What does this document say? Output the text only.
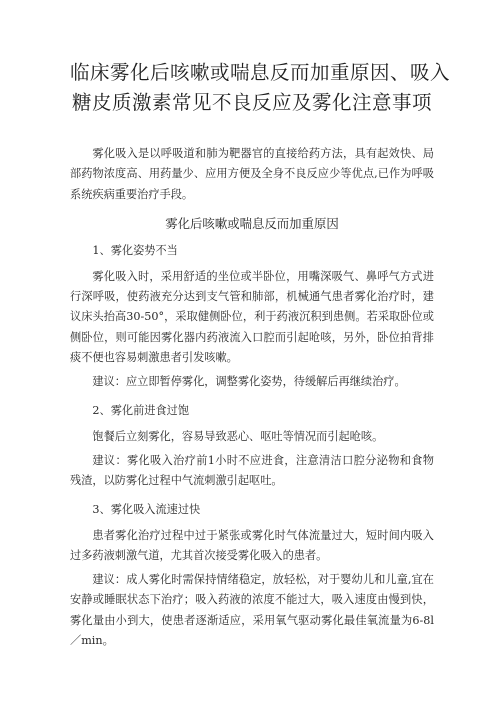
临床雾化后咳嗽或喘息反而加重原因、吸入
糖皮质激素常见不良反应及雾化注意事项

雾化吸入是以呼吸道和肺为靶器官的直接给药方法，具有起效快、局部药物浓度高、用药量少、应用方便及全身不良反应少等优点,已作为呼吸系统疾病重要治疗手段。

雾化后咳嗽或喘息反而加重原因

1、雾化姿势不当

雾化吸入时，采用舒适的坐位或半卧位，用嘴深吸气、鼻呼气方式进行深呼吸，使药液充分达到支气管和肺部，机械通气患者雾化治疗时，建议床头抬高30-50°，采取健侧卧位，利于药液沉积到患侧。若采取卧位或侧卧位，则可能因雾化器内药液流入口腔而引起呛咳，另外，卧位拍背排痰不便也容易刺激患者引发咳嗽。

建议：应立即暂停雾化，调整雾化姿势，待缓解后再继续治疗。

2、雾化前进食过饱

饱餐后立刻雾化，容易导致恶心、呕吐等情况而引起呛咳。

建议：雾化吸入治疗前1小时不应进食，注意清洁口腔分泌物和食物残渣，以防雾化过程中气流刺激引起呕吐。

3、雾化吸入流速过快

患者雾化治疗过程中过于紧张或雾化时气体流量过大，短时间内吸入过多药液刺激气道，尤其首次接受雾化吸入的患者。

建议：成人雾化时需保持情绪稳定，放轻松，对于婴幼儿和儿童,宜在安静或睡眠状态下治疗；吸入药液的浓度不能过大，吸入速度由慢到快，雾化量由小到大，使患者逐渐适应，采用氧气驱动雾化最佳氧流量为6-8l／min。
